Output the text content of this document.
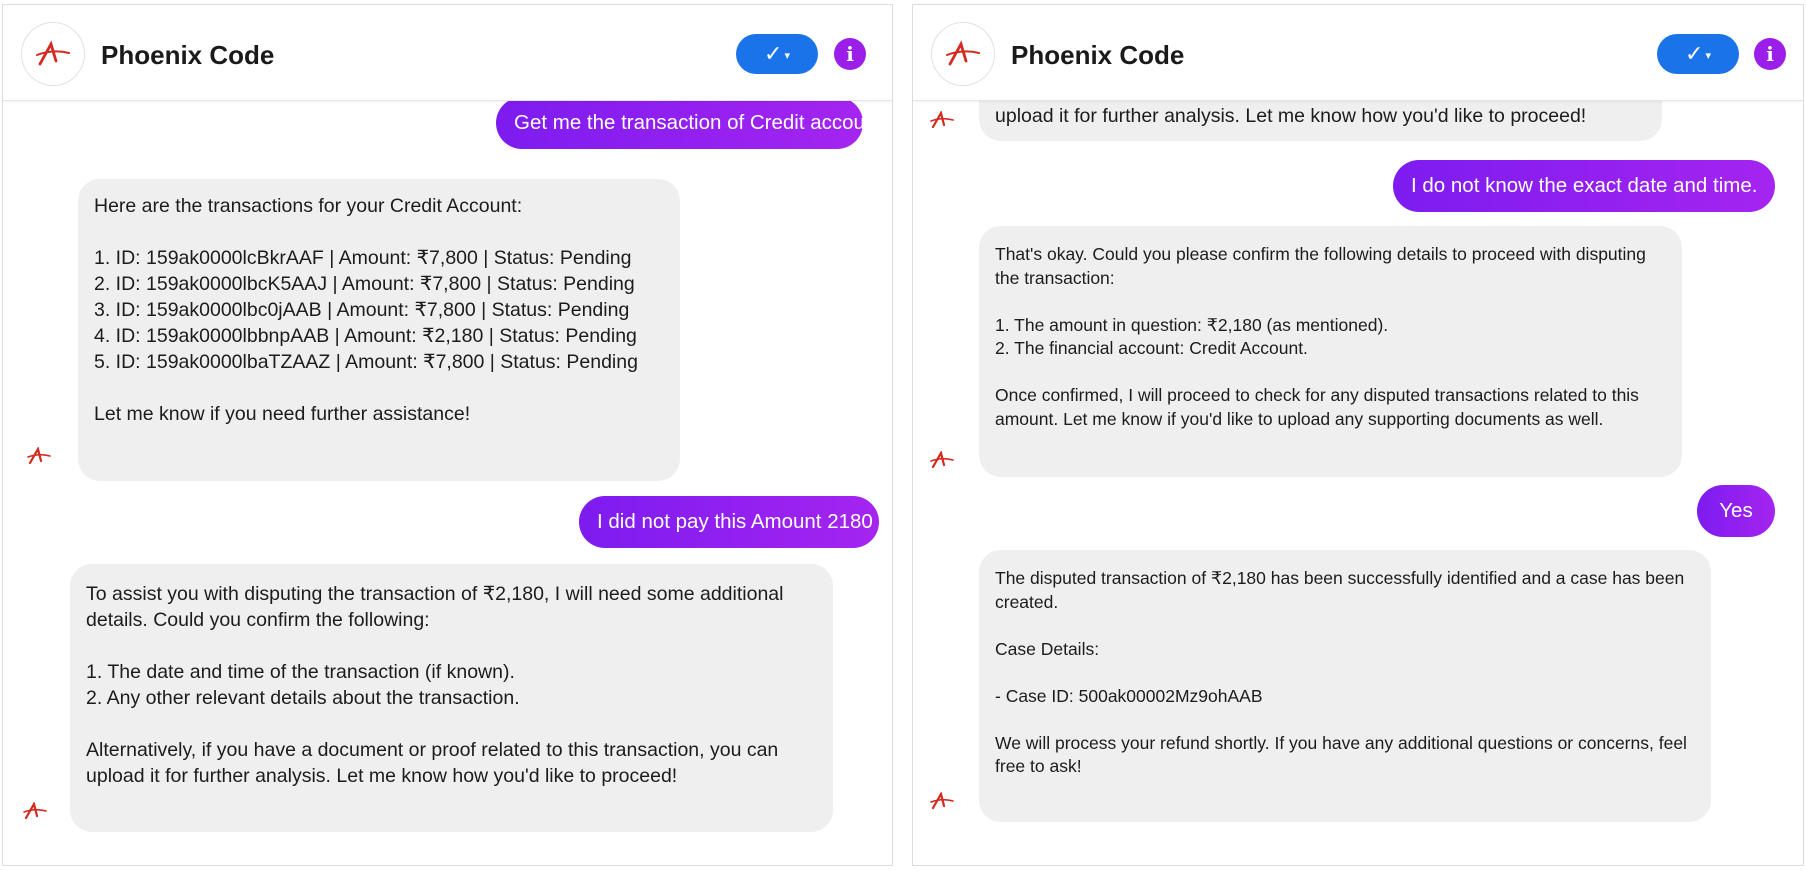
Get me the transaction of Credit account
Here are the transactions for your Credit Account:

1. ID: 159ak0000lcBkrAAF | Amount: ₹7,800 | Status: Pending
2. ID: 159ak0000lbcK5AAJ | Amount: ₹7,800 | Status: Pending
3. ID: 159ak0000lbc0jAAB | Amount: ₹7,800 | Status: Pending
4. ID: 159ak0000lbbnpAAB | Amount: ₹2,180 | Status: Pending
5. ID: 159ak0000lbaTZAAZ | Amount: ₹7,800 | Status: Pending

Let me know if you need further assistance!
I did not pay this Amount 2180
To assist you with disputing the transaction of ₹2,180, I will need some additional details. Could you confirm the following:

1. The date and time of the transaction (if known).
2. Any other relevant details about the transaction.

Alternatively, if you have a document or proof related to this transaction, you can upload it for further analysis. Let me know how you'd like to proceed!
Phoenix Code	✓ ▾	i
upload it for further analysis. Let me know how you'd like to proceed!
I do not know the exact date and time.
That's okay. Could you please confirm the following details to proceed with disputing the transaction:

1. The amount in question: ₹2,180 (as mentioned).
2. The financial account: Credit Account.

Once confirmed, I will proceed to check for any disputed transactions related to this amount. Let me know if you'd like to upload any supporting documents as well.
Yes
The disputed transaction of ₹2,180 has been successfully identified and a case has been created.

Case Details:

- Case ID: 500ak00002Mz9ohAAB

We will process your refund shortly. If you have any additional questions or concerns, feel free to ask!
Phoenix Code	✓ ▾	i
